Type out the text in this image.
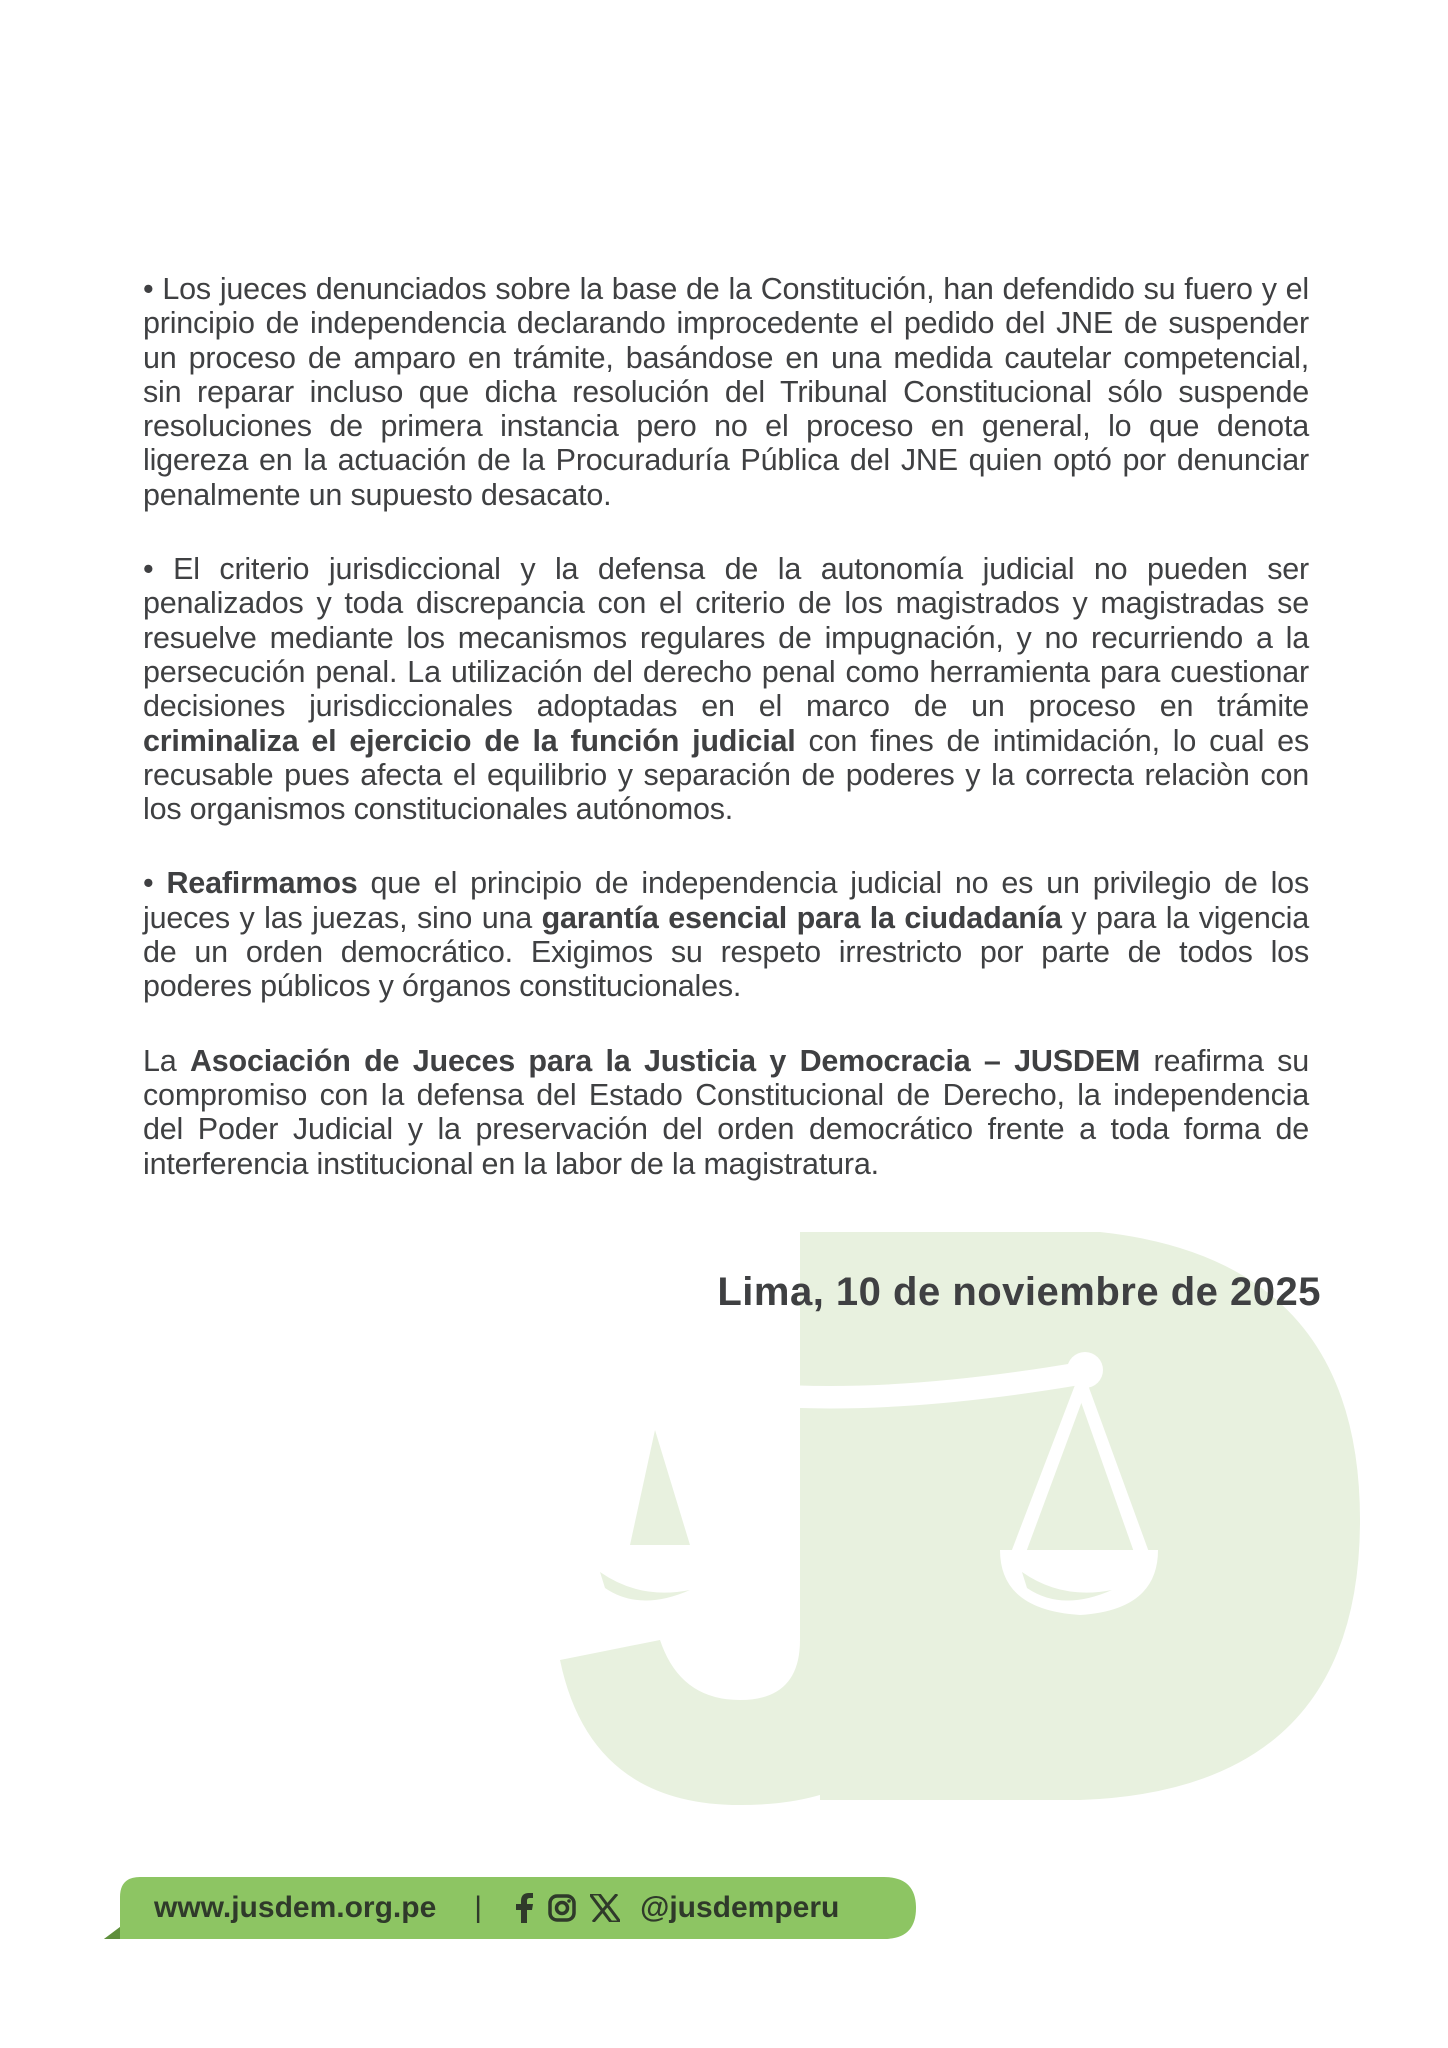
• Los jueces denunciados sobre la base de la Constitución, han defendido su fuero y el principio de independencia declarando improcedente el pedido del JNE de suspender un proceso de amparo en trámite, basándose en una medida cautelar competencial, sin reparar incluso que dicha resolución del Tribunal Constitucional sólo suspende resoluciones de primera instancia pero no el proceso en general, lo que denota ligereza en la actuación de la Procuraduría Pública del JNE quien optó por denunciar penalmente un supuesto desacato.

• El criterio jurisdiccional y la defensa de la autonomía judicial no pueden ser penalizados y toda discrepancia con el criterio de los magistrados y magistradas se resuelve mediante los mecanismos regulares de impugnación, y no recurriendo a la persecución penal. La utilización del derecho penal como herramienta para cuestionar decisiones jurisdiccionales adoptadas en el marco de un proceso en trámite criminaliza el ejercicio de la función judicial con fines de intimidación, lo cual es recusable pues afecta el equilibrio y separación de poderes y la correcta relaciòn con los organismos constitucionales autónomos.

• Reafirmamos que el principio de independencia judicial no es un privilegio de los jueces y las juezas, sino una garantía esencial para la ciudadanía y para la vigencia de un orden democrático. Exigimos su respeto irrestricto por parte de todos los poderes públicos y órganos constitucionales.

La Asociación de Jueces para la Justicia y Democracia – JUSDEM reafirma su compromiso con la defensa del Estado Constitucional de Derecho, la independencia del Poder Judicial y la preservación del orden democrático frente a toda forma de interferencia institucional en la labor de la magistratura.

Lima, 10 de noviembre de 2025
www.jusdem.org.pe |	@jusdemperu
